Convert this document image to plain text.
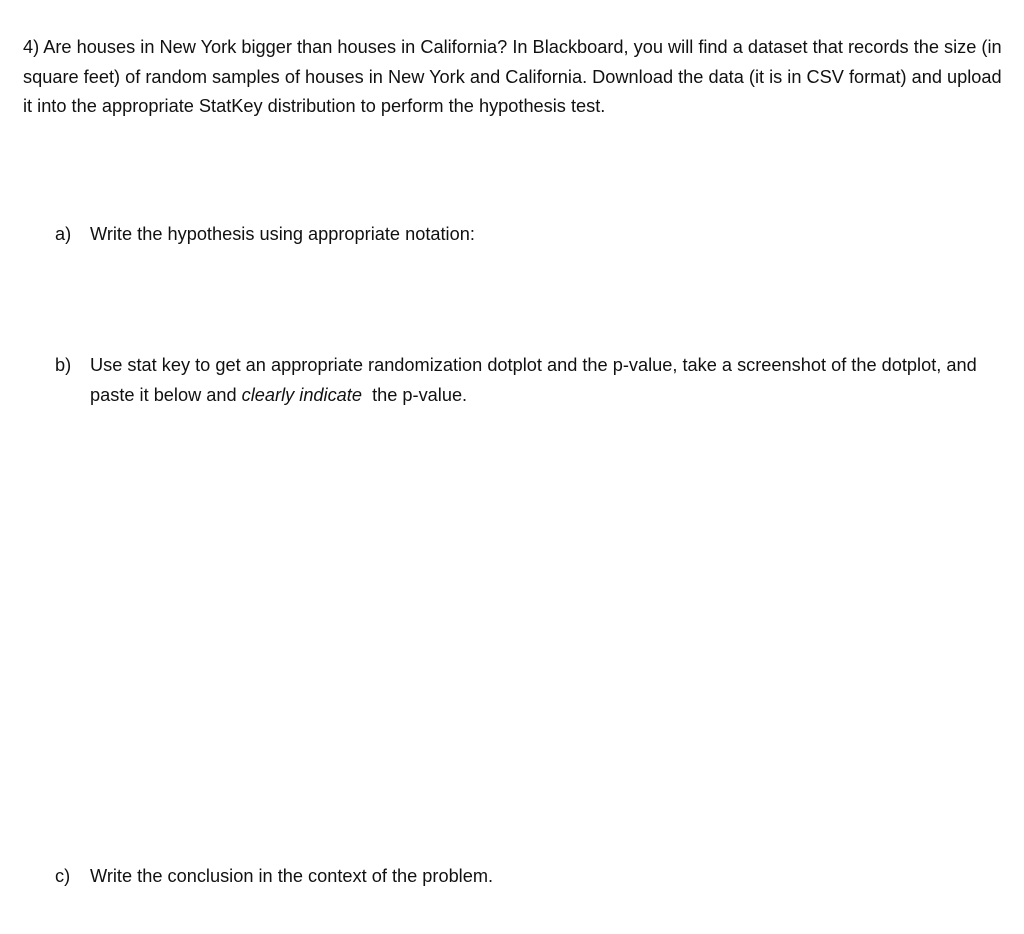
4) Are houses in New York bigger than houses in California? In Blackboard, you will find a dataset that records the size (in square feet) of random samples of houses in New York and California. Download the data (it is in CSV format) and upload it into the appropriate StatKey distribution to perform the hypothesis test.

a)	Write the hypothesis using appropriate notation:
b)	Use stat key to get an appropriate randomization dotplot and the p-value, take a screenshot of the dotplot, and paste it below and clearly indicate  the p-value.
c)	Write the conclusion in the context of the problem.
